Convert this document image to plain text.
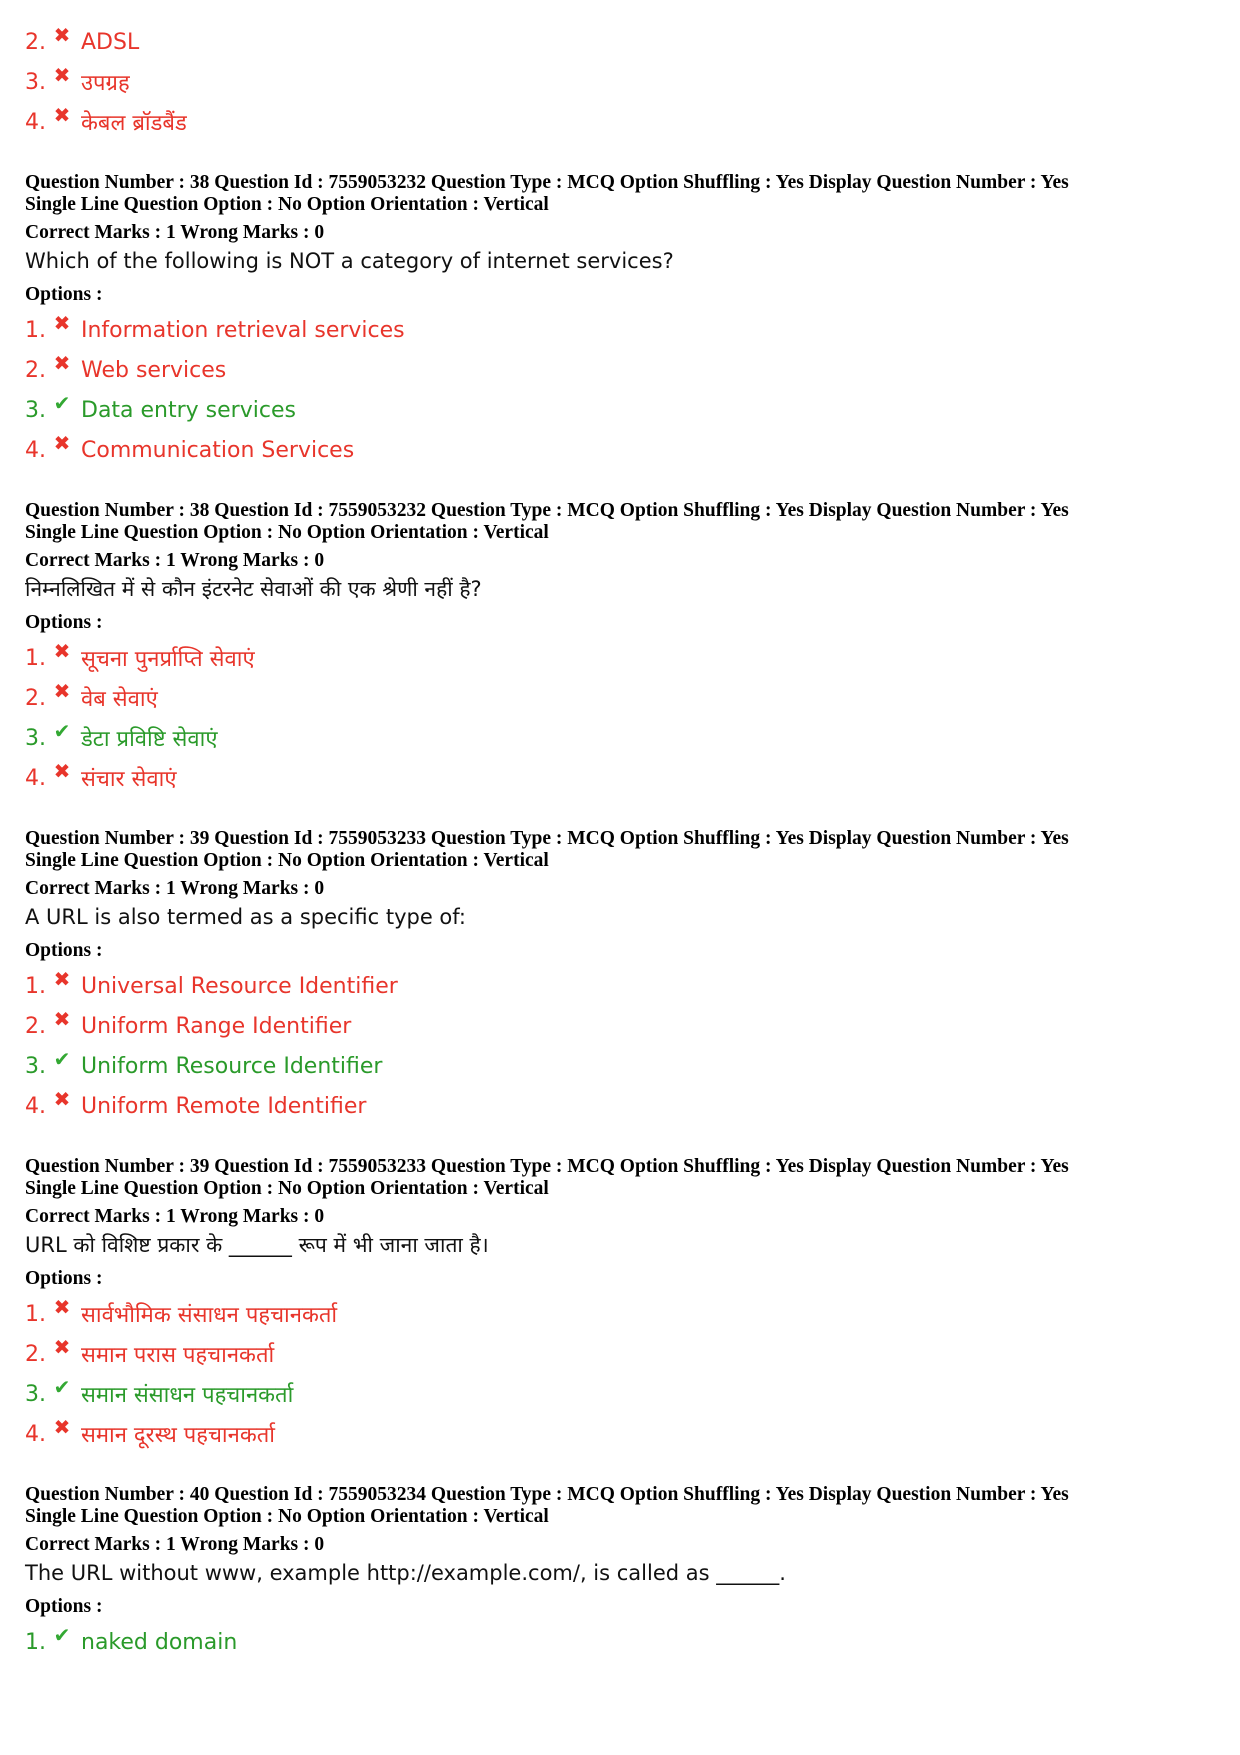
2. ✖ ADSL
3. ✖ उपग्रह
4. ✖ केबल ब्रॉडबैंड
Question Number : 38 Question Id : 7559053232 Question Type : MCQ Option Shuffling : Yes Display Question Number : Yes
Single Line Question Option : No Option Orientation : Vertical
Correct Marks : 1 Wrong Marks : 0
Which of the following is NOT a category of internet services?
Options :
1. ✖ Information retrieval services
2. ✖ Web services
3. ✔ Data entry services
4. ✖ Communication Services
Question Number : 38 Question Id : 7559053232 Question Type : MCQ Option Shuffling : Yes Display Question Number : Yes
Single Line Question Option : No Option Orientation : Vertical
Correct Marks : 1 Wrong Marks : 0
निम्नलिखित में से कौन इंटरनेट सेवाओं की एक श्रेणी नहीं है?
Options :
1. ✖ सूचना पुनर्प्राप्ति सेवाएं
2. ✖ वेब सेवाएं
3. ✔ डेटा प्रविष्टि सेवाएं
4. ✖ संचार सेवाएं
Question Number : 39 Question Id : 7559053233 Question Type : MCQ Option Shuffling : Yes Display Question Number : Yes
Single Line Question Option : No Option Orientation : Vertical
Correct Marks : 1 Wrong Marks : 0
A URL is also termed as a specific type of:
Options :
1. ✖ Universal Resource Identifier
2. ✖ Uniform Range Identifier
3. ✔ Uniform Resource Identifier
4. ✖ Uniform Remote Identifier
Question Number : 39 Question Id : 7559053233 Question Type : MCQ Option Shuffling : Yes Display Question Number : Yes
Single Line Question Option : No Option Orientation : Vertical
Correct Marks : 1 Wrong Marks : 0
URL को विशिष्ट प्रकार के ______ रूप में भी जाना जाता है।
Options :
1. ✖ सार्वभौमिक संसाधन पहचानकर्ता
2. ✖ समान परास पहचानकर्ता
3. ✔ समान संसाधन पहचानकर्ता
4. ✖ समान दूरस्थ पहचानकर्ता
Question Number : 40 Question Id : 7559053234 Question Type : MCQ Option Shuffling : Yes Display Question Number : Yes
Single Line Question Option : No Option Orientation : Vertical
Correct Marks : 1 Wrong Marks : 0
The URL without www, example http://example.com/, is called as ______.
Options :
1. ✔ naked domain
